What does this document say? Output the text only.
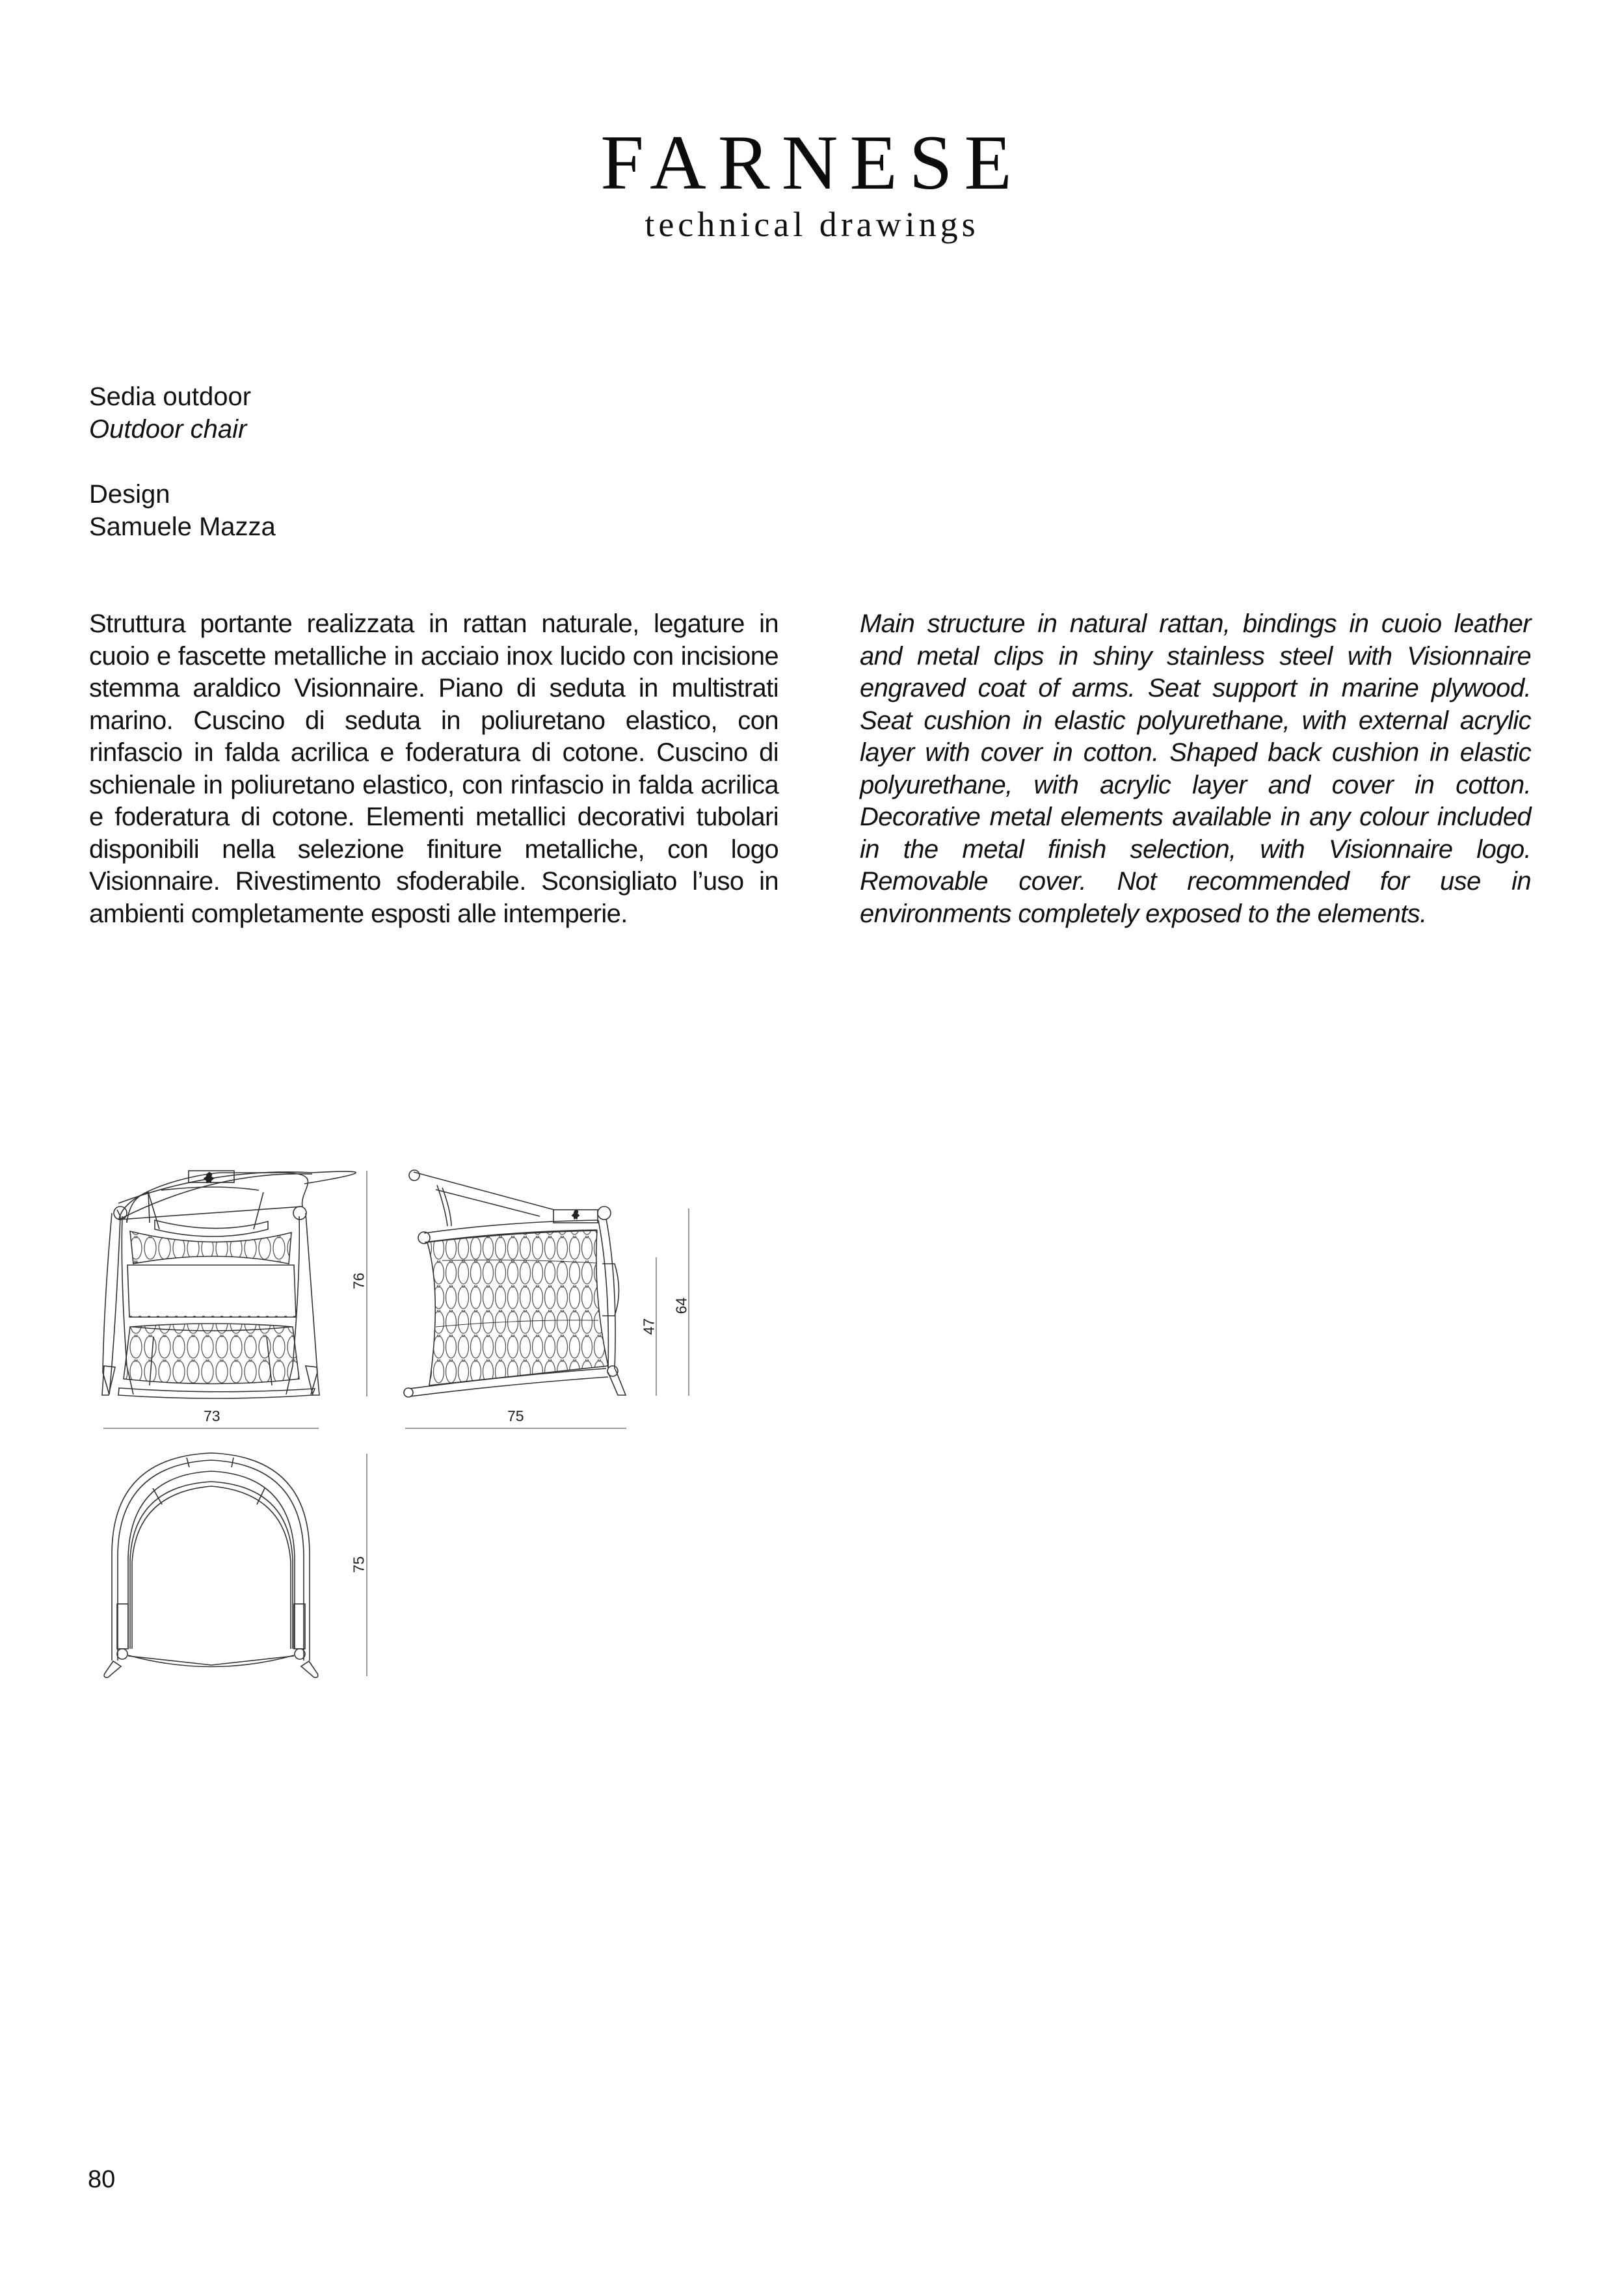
FARNESE
technical drawings
Sedia outdoor
Outdoor chair
Design
Samuele Mazza
Struttura portante realizzata in rattan naturale, legature in cuoio e fascette metalliche in acciaio inox lucido con incisione stemma araldico Visionnaire. Piano di seduta in multistrati marino. Cuscino di seduta in poliuretano elastico, con rinfascio in falda acrilica e foderatura di cotone. Cuscino di schienale in poliuretano elastico, con rinfascio in falda acrilica e foderatura di cotone. Elementi metallici decorativi tubolari disponibili nella selezione finiture metalliche, con logo Visionnaire. Rivestimento sfoderabile. Sconsigliato l’uso in ambienti completamente esposti alle intemperie.
Main structure in natural rattan, bindings in cuoio leather and metal clips in shiny stainless steel with Visionnaire engraved coat of arms. Seat support in marine plywood. Seat cushion in elastic polyurethane, with external acrylic layer with cover in cotton. Shaped back cushion in elastic polyurethane, with acrylic layer and cover in cotton. Decorative metal elements available in any colour included in the metal finish selection, with Visionnaire logo. Removable cover. Not recommended for use in environments completely exposed to the elements.
73
76
75
47
64
75
80
